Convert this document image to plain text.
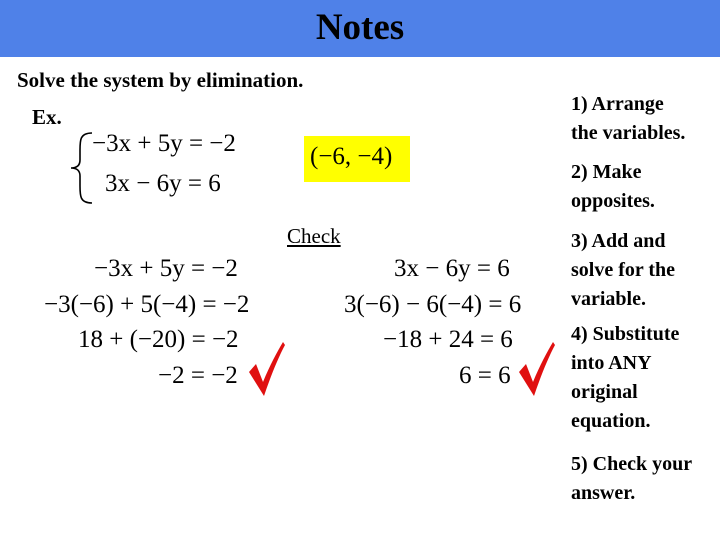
Notes
Solve the system by elimination.
Ex.
−3x + 5y = −2
3x − 6y = 6
(−6, −4)
Check
−3x + 5y = −2
−3(−6) + 5(−4) = −2
18 + (−20) = −2
−2 = −2
3x − 6y = 6
3(−6) − 6(−4) = 6
−18 + 24 = 6
6 = 6
1) Arrange
the variables.
2) Make
opposites.
3) Add and
solve for the
variable.
4) Substitute
into ANY
original
equation.
5) Check your
answer.
